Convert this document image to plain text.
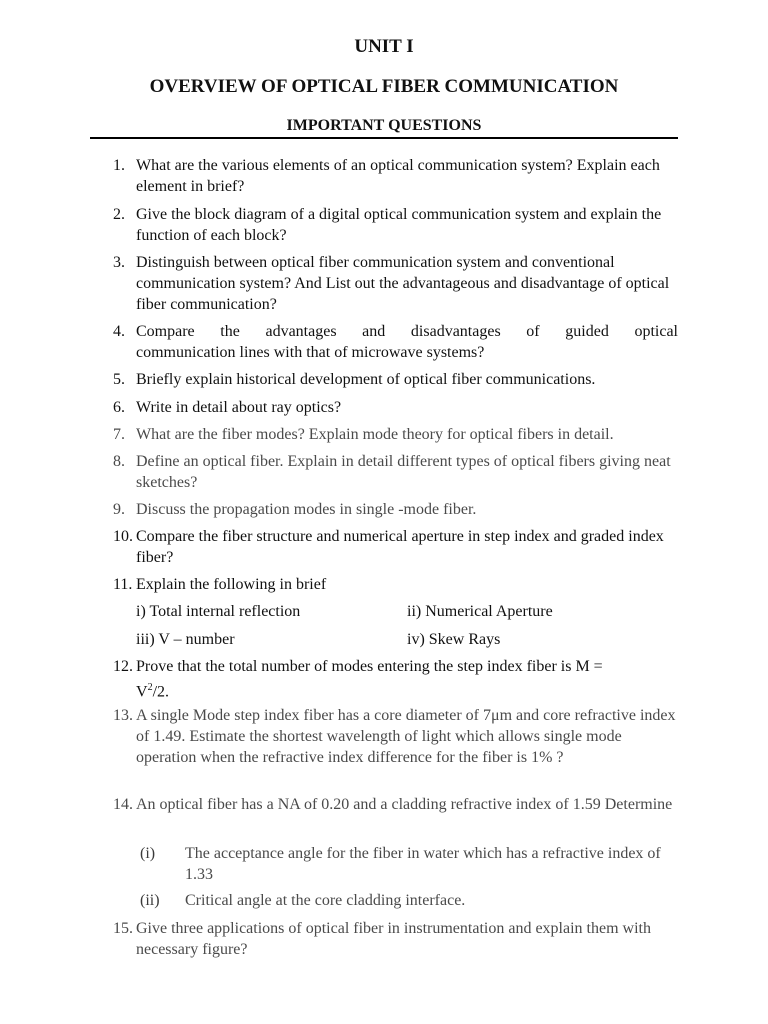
UNIT I
OVERVIEW OF OPTICAL FIBER COMMUNICATION
IMPORTANT QUESTIONS
1. What are the various elements of an optical communication system? Explain each element in brief?
2. Give the block diagram of a digital optical communication system and explain the function of each block?
3. Distinguish between optical fiber communication system and conventional communication system? And List out the advantageous and disadvantage of optical fiber communication?
4. Compare the advantages and disadvantages of guided optical
communication lines with that of microwave systems?
5. Briefly explain historical development of optical fiber communications.
6. Write in detail about ray optics?
7. What are the fiber modes? Explain mode theory for optical fibers in detail.
8. Define an optical fiber. Explain in detail different types of optical fibers giving neat sketches?
9. Discuss the propagation modes in single -mode fiber.
10. Compare the fiber structure and numerical aperture in step index and graded index fiber?
11. Explain the following in brief
i) Total internal reflection	ii) Numerical Aperture
iii) V – number	iv) Skew Rays
12. Prove that the total number of modes entering the step index fiber is M =
$V^2/2$.
13. A single Mode step index fiber has a core diameter of 7μm and core refractive index of 1.49. Estimate the shortest wavelength of light which allows single mode operation when the refractive index difference for the fiber is 1% ?
14. An optical fiber has a NA of 0.20 and a cladding refractive index of 1.59 Determine
(i) The acceptance angle for the fiber in water which has a refractive index of 1.33
(ii) Critical angle at the core cladding interface.
15. Give three applications of optical fiber in instrumentation and explain them with necessary figure?
